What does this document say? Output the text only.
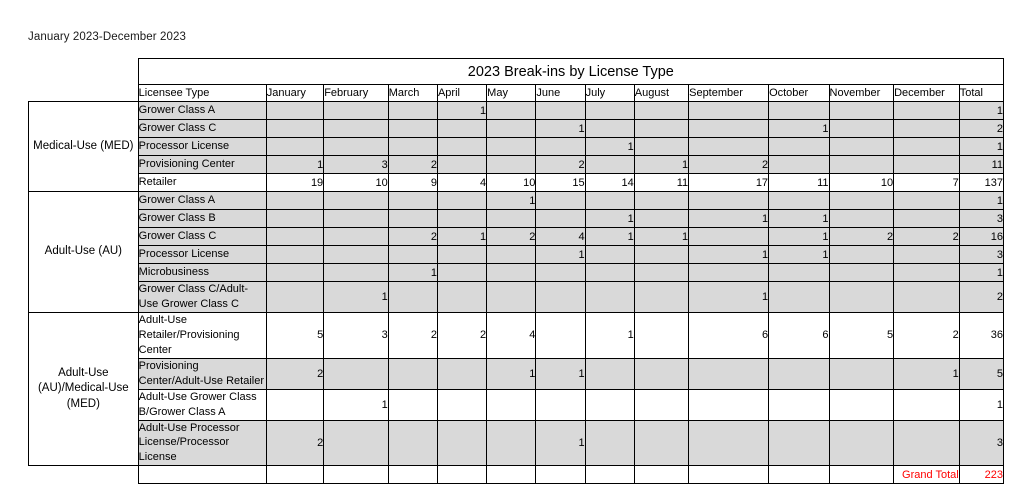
January 2023-December 2023
	2023 Break-ins by License Type													
	Licensee Type	January	February	March	April	May	June	July	August	September	October	November	December	Total
Medical-Use (MED)	Grower Class A				1									1
	Grower Class C						1				1			2
	Processor License							1						1
	Provisioning Center	1	3	2			2		1	2				11
	Retailer	19	10	9	4	10	15	14	11	17	11	10	7	137
Adult-Use (AU)	Grower Class A					1								1
	Grower Class B							1		1	1			3
	Grower Class C			2	1	2	4	1	1		1	2	2	16
	Processor License						1			1	1			3
	Microbusiness			1										1
	Grower Class C/Adult-Use Grower Class C		1							1				2
Adult-Use (AU)/Medical-Use (MED)	Adult-Use Retailer/Provisioning Center	5	3	2	2	4		1		6	6	5	2	36
	Provisioning Center/Adult-Use Retailer	2				1	1						1	5
	Adult-Use Grower Class B/Grower Class A		1											1
	Adult-Use Processor License/Processor License	2					1							3
													Grand Total	223
